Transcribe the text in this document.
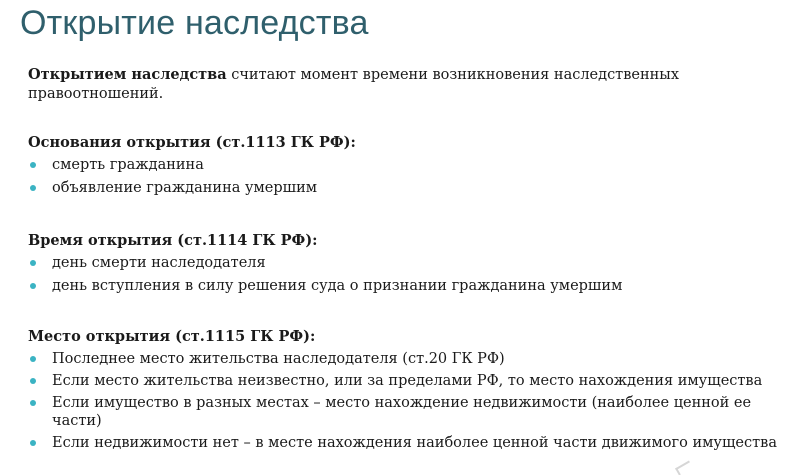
Открытие наследства
Открытием наследства считают момент времени возникновения наследственных правоотношений.
Основания открытия (ст.1113 ГК РФ):
смерть гражданина
объявление гражданина умершим
Время открытия (ст.1114 ГК РФ):
день смерти наследодателя
день вступления в силу решения суда о признании гражданина умершим
Место открытия (ст.1115 ГК РФ):
Последнее место жительства наследодателя (ст.20 ГК РФ)
Если место жительства неизвестно, или за пределами РФ, то место нахождения имущества
Если имущество в разных местах – место нахождение недвижимости (наиболее ценной ее части)
Если недвижимости нет – в месте нахождения наиболее ценной части движимого имущества
